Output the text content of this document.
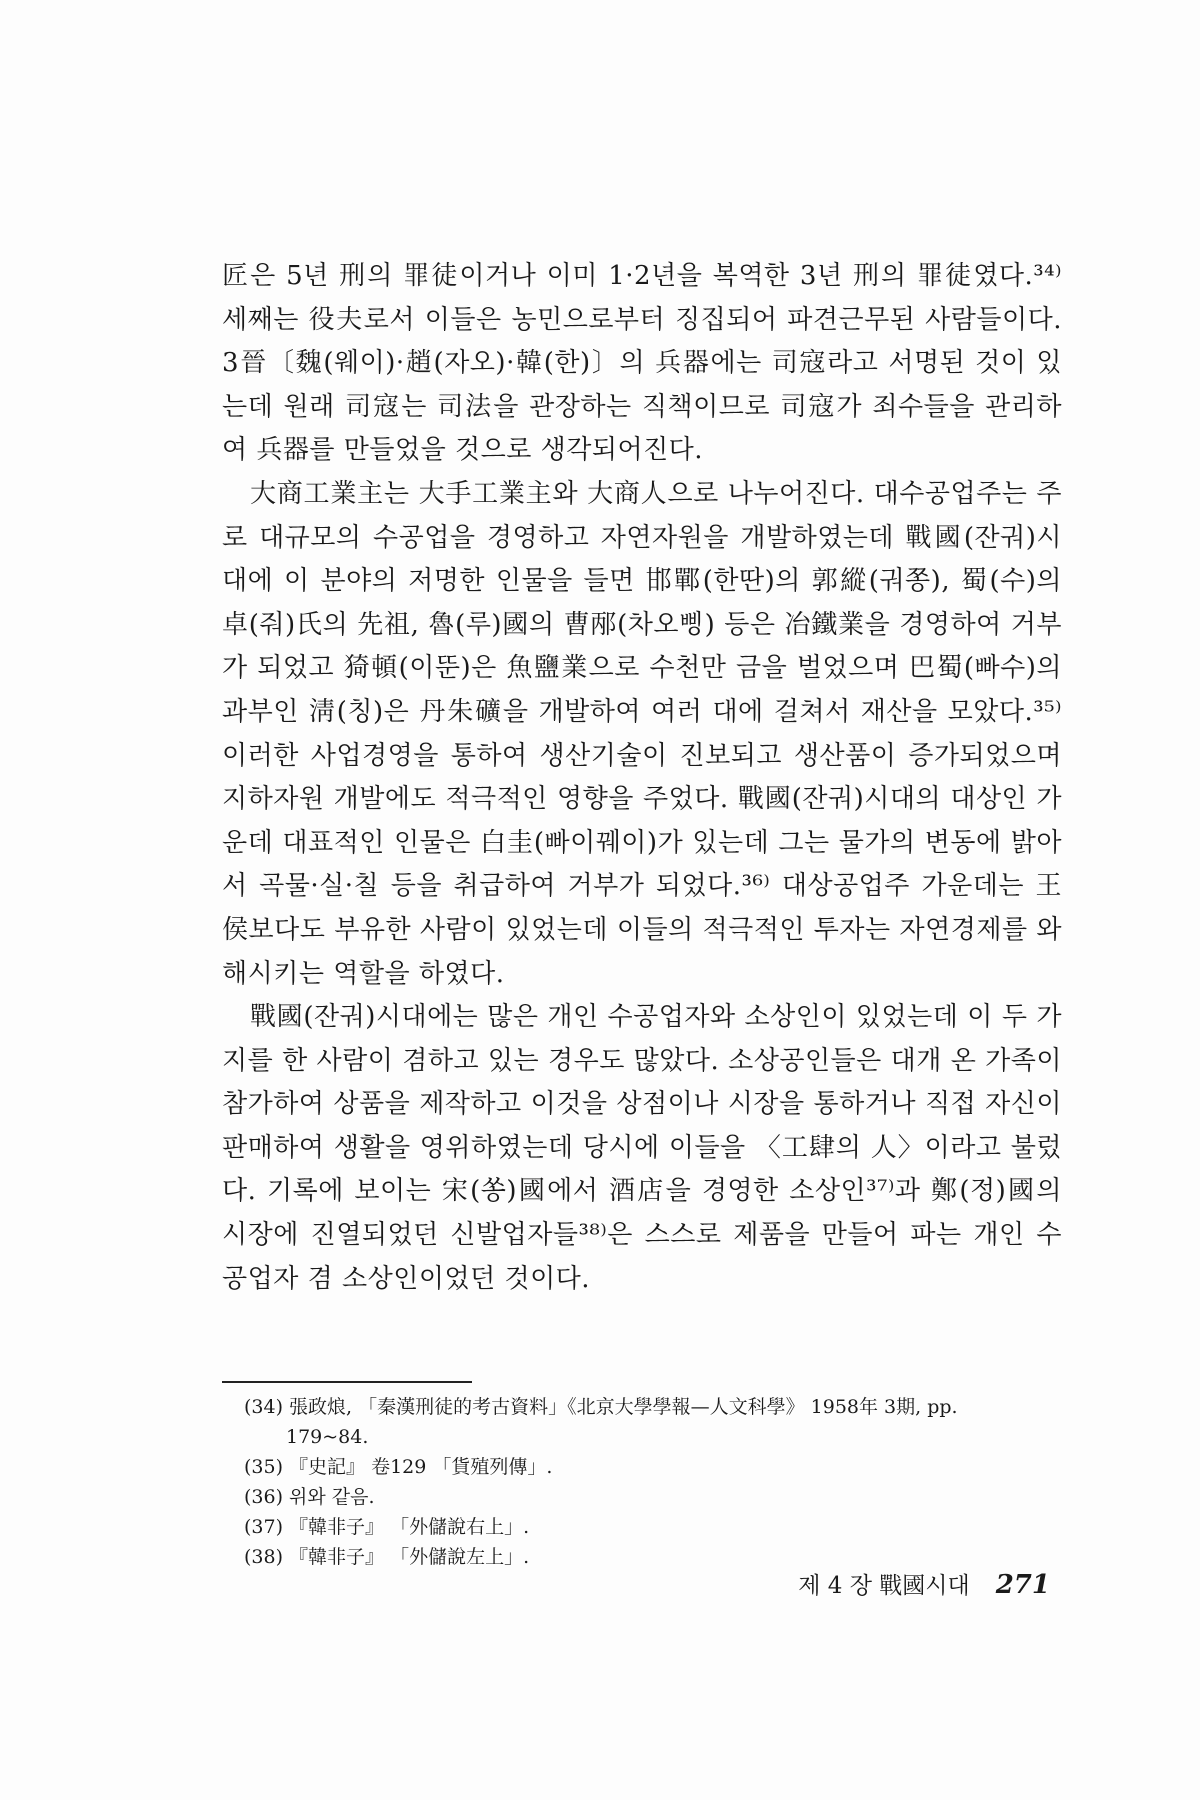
匠은 5년 刑의 罪徒이거나 이미 1·2년을 복역한 3년 刑의 罪徒였다.³⁴⁾ 세째는 役夫로서 이들은 농민으로부터 징집되어 파견근무된 사람들이다. 3晉〔魏(웨이)·趙(자오)·韓(한)〕의 兵器에는 司寇라고 서명된 것이 있는데 원래 司寇는 司法을 관장하는 직책이므로 司寇가 죄수들을 관리하여 兵器를 만들었을 것으로 생각되어진다.

大商工業主는 大手工業主와 大商人으로 나누어진다. 대수공업주는 주로 대규모의 수공업을 경영하고 자연자원을 개발하였는데 戰國(잔궈)시대에 이 분야의 저명한 인물을 들면 邯鄲(한딴)의 郭縱(궈쫑), 蜀(수)의 卓(줘)氏의 先祖, 魯(루)國의 曹邴(차오삥) 등은 冶鐵業을 경영하여 거부가 되었고 猗頓(이뚠)은 魚鹽業으로 수천만 금을 벌었으며 巴蜀(빠수)의 과부인 淸(칭)은 丹朱礦을 개발하여 여러 대에 걸쳐서 재산을 모았다.³⁵⁾ 이러한 사업경영을 통하여 생산기술이 진보되고 생산품이 증가되었으며 지하자원 개발에도 적극적인 영향을 주었다. 戰國(잔궈)시대의 대상인 가운데 대표적인 인물은 白圭(빠이꿰이)가 있는데 그는 물가의 변동에 밝아서 곡물·실·칠 등을 취급하여 거부가 되었다.³⁶⁾ 대상공업주 가운데는 王侯보다도 부유한 사람이 있었는데 이들의 적극적인 투자는 자연경제를 와해시키는 역할을 하였다.

戰國(잔궈)시대에는 많은 개인 수공업자와 소상인이 있었는데 이 두 가지를 한 사람이 겸하고 있는 경우도 많았다. 소상공인들은 대개 온 가족이 참가하여 상품을 제작하고 이것을 상점이나 시장을 통하거나 직접 자신이 판매하여 생활을 영위하였는데 당시에 이들을 〈工肆의 人〉이라고 불렀다. 기록에 보이는 宋(쏭)國에서 酒店을 경영한 소상인³⁷⁾과 鄭(정)國의 시장에 진열되었던 신발업자들³⁸⁾은 스스로 제품을 만들어 파는 개인 수공업자 겸 소상인이었던 것이다.

(34) 張政烺, 「秦漢刑徒的考古資料」《北京大學學報—人文科學》 1958年 3期, pp. 179~84.

(35) 『史記』 卷129 「貨殖列傳」.

(36) 위와 같음.

(37) 『韓非子』 「外儲說右上」.

(38) 『韓非子』 「外儲說左上」.

제 4 장 戰國시대 271
